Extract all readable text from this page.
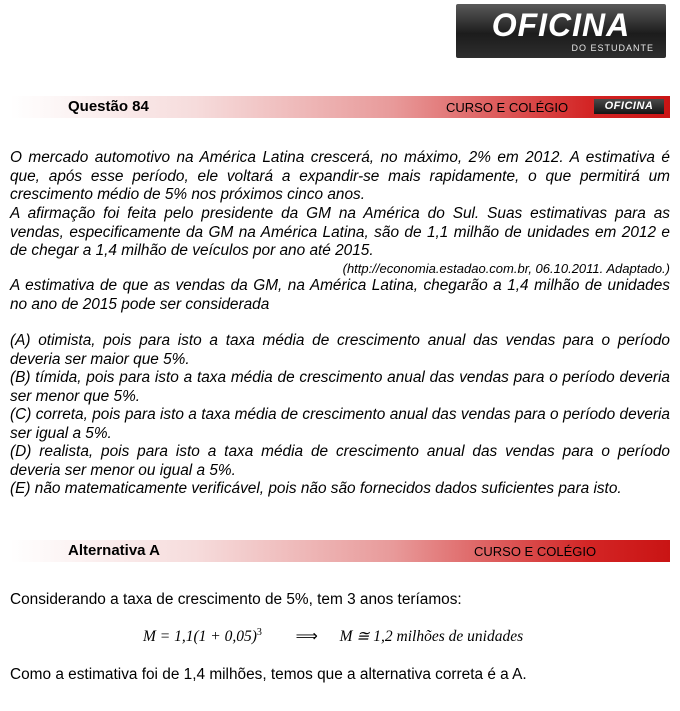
OFICINA
DO ESTUDANTE
Questão 84	CURSO E COLÉGIO	OFICINA

O mercado automotivo na América Latina crescerá, no máximo, 2% em 2012. A estimativa é que, após esse período, ele voltará a expandir-se mais rapidamente, o que permitirá um crescimento médio de 5% nos próximos cinco anos.

A afirmação foi feita pelo presidente da GM na América do Sul. Suas estimativas para as vendas, especificamente da GM na América Latina, são de 1,1 milhão de unidades em 2012 e de chegar a 1,4 milhão de veículos por ano até 2015.

(http://economia.estadao.com.br, 06.10.2011. Adaptado.)

A estimativa de que as vendas da GM, na América Latina, chegarão a 1,4 milhão de unidades no ano de 2015 pode ser considerada

(A) otimista, pois para isto a taxa média de crescimento anual das vendas para o período deveria ser maior que 5%.

(B) tímida, pois para isto a taxa média de crescimento anual das vendas para o período deveria ser menor que 5%.

(C) correta, pois para isto a taxa média de crescimento anual das vendas para o período deveria ser igual a 5%.

(D) realista, pois para isto a taxa média de crescimento anual das vendas para o período deveria ser menor ou igual a 5%.

(E) não matematicamente verificável, pois não são fornecidos dados suficientes para isto.

Alternativa A	CURSO E COLÉGIO

Considerando a taxa de crescimento de 5%, tem 3 anos teríamos:

$M = 1,1(1 + 0,05)^3$ ⟹ M ≅ 1,2 milhões de unidades

Como a estimativa foi de 1,4 milhões, temos que a alternativa correta é a A.
